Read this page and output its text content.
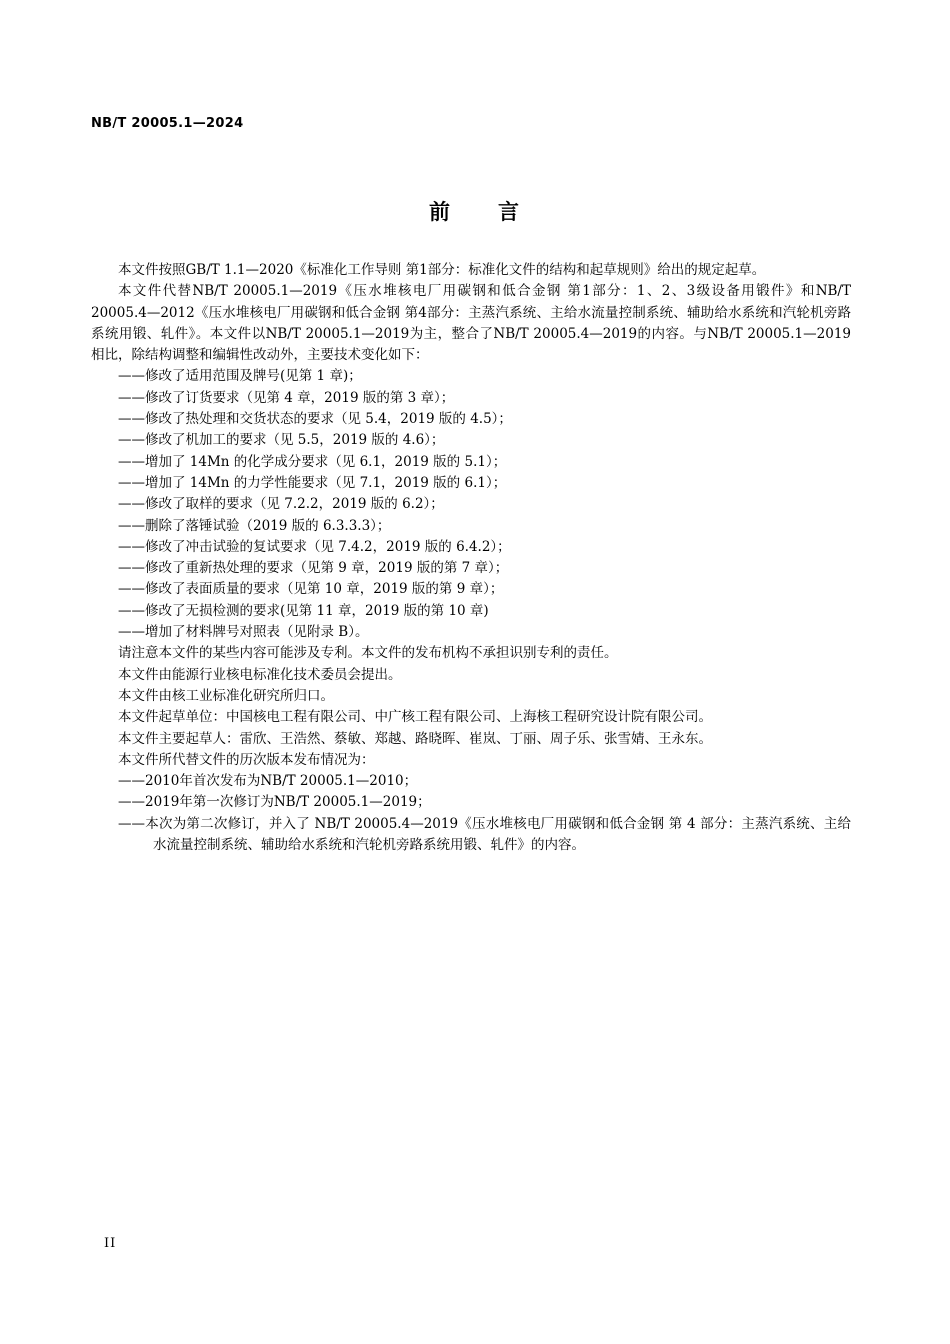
NB/T 20005.1—2024
前　　言

本文件按照GB/T 1.1—2020《标准化工作导则 第1部分：标准化文件的结构和起草规则》给出的规定起草。

本文件代替NB/T 20005.1—2019《压水堆核电厂用碳钢和低合金钢 第1部分：1、2、3级设备用锻件》和NB/T 20005.4—2012《压水堆核电厂用碳钢和低合金钢 第4部分：主蒸汽系统、主给水流量控制系统、辅助给水系统和汽轮机旁路系统用锻、轧件》。本文件以NB/T 20005.1—2019为主，整合了NB/T 20005.4—2019的内容。与NB/T 20005.1—2019相比，除结构调整和编辑性改动外，主要技术变化如下：

——修改了适用范围及牌号(见第 1 章)；

——修改了订货要求（见第 4 章，2019 版的第 3 章）；

——修改了热处理和交货状态的要求（见 5.4，2019 版的 4.5）；

——修改了机加工的要求（见 5.5，2019 版的 4.6）；

——增加了 14Mn 的化学成分要求（见 6.1，2019 版的 5.1）；

——增加了 14Mn 的力学性能要求（见 7.1，2019 版的 6.1）；

——修改了取样的要求（见 7.2.2，2019 版的 6.2）；

——删除了落锤试验（2019 版的 6.3.3.3）；

——修改了冲击试验的复试要求（见 7.4.2，2019 版的 6.4.2）；

——修改了重新热处理的要求（见第 9 章，2019 版的第 7 章）；

——修改了表面质量的要求（见第 10 章，2019 版的第 9 章）；

——修改了无损检测的要求(见第 11 章，2019 版的第 10 章)

——增加了材料牌号对照表（见附录 B）。

请注意本文件的某些内容可能涉及专利。本文件的发布机构不承担识别专利的责任。

本文件由能源行业核电标准化技术委员会提出。

本文件由核工业标准化研究所归口。

本文件起草单位：中国核电工程有限公司、中广核工程有限公司、上海核工程研究设计院有限公司。

本文件主要起草人：雷欣、王浩然、蔡敏、郑越、路晓晖、崔岚、丁丽、周子乐、张雪婧、王永东。

本文件所代替文件的历次版本发布情况为：

——2010年首次发布为NB/T 20005.1—2010；

——2019年第一次修订为NB/T 20005.1—2019；

——本次为第二次修订，并入了 NB/T 20005.4—2019《压水堆核电厂用碳钢和低合金钢 第 4 部分：主蒸汽系统、主给水流量控制系统、辅助给水系统和汽轮机旁路系统用锻、轧件》的内容。

II
